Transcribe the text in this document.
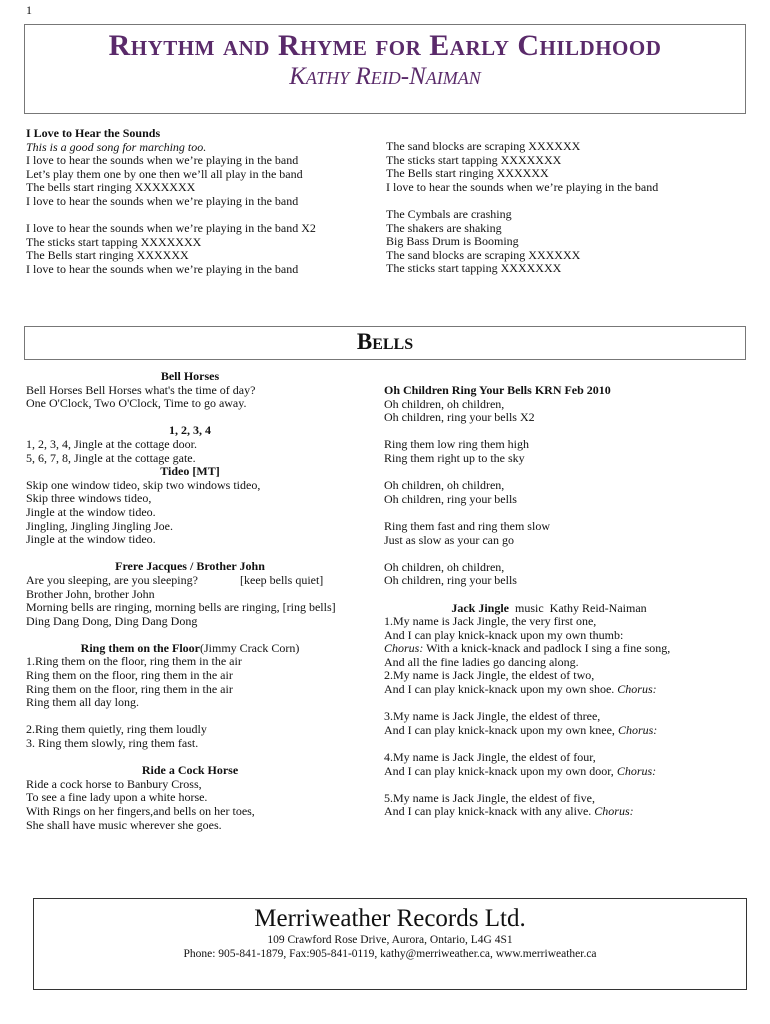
1
Rhythm and Rhyme for Early Childhood
Kathy Reid-Naiman
I Love to Hear the Sounds
This is a good song for marching too.
I love to hear the sounds when we’re playing in the band
Let’s play them one by one then we’ll all play in the band
The bells start ringing XXXXXXX
I love to hear the sounds when we’re playing in the band
I love to hear the sounds when we’re playing in the band X2
The sticks start tapping XXXXXXX
The Bells start ringing XXXXXX
I love to hear the sounds when we’re playing in the band
The sand blocks are scraping XXXXXX
The sticks start tapping XXXXXXX
The Bells start ringing XXXXXX
I love to hear the sounds when we’re playing in the band
The Cymbals are crashing
The shakers are shaking
Big Bass Drum is Booming
The sand blocks are scraping XXXXXX
The sticks start tapping XXXXXXX
Bells
Bell Horses
Bell Horses Bell Horses what's the time of day?
One O'Clock, Two O'Clock, Time to go away.
1, 2, 3, 4
1, 2, 3, 4, Jingle at the cottage door.
5, 6, 7, 8, Jingle at the cottage gate.
Tideo [MT]
Skip one window tideo, skip two windows tideo,
Skip three windows tideo,
Jingle at the window tideo.
Jingling, Jingling Jingling Joe.
Jingle at the window tideo.
Frere Jacques / Brother John
Are you sleeping, are you sleeping?	[keep bells quiet]
Brother John, brother John
Morning bells are ringing, morning bells are ringing, [ring bells]
Ding Dang Dong, Ding Dang Dong
Ring them on the Floor(Jimmy Crack Corn)
1.Ring them on the floor, ring them in the air
Ring them on the floor, ring them in the air
Ring them on the floor, ring them in the air
Ring them all day long.
2.Ring them quietly, ring them loudly
3. Ring them slowly, ring them fast.
Ride a Cock Horse
Ride a cock horse to Banbury Cross,
To see a fine lady upon a white horse.
With Rings on her fingers,and bells on her toes,
She shall have music wherever she goes.
Oh Children Ring Your Bells KRN Feb 2010
Oh children, oh children,
Oh children, ring your bells X2
Ring them low ring them high
Ring them right up to the sky
Oh children, oh children,
Oh children, ring your bells
Ring them fast and ring them slow
Just as slow as your can go
Oh children, oh children,
Oh children, ring your bells
Jack Jingle  music  Kathy Reid-Naiman
1.My name is Jack Jingle, the very first one,
And I can play knick-knack upon my own thumb:
Chorus: With a knick-knack and padlock I sing a fine song,
And all the fine ladies go dancing along.
2.My name is Jack Jingle, the eldest of two,
And I can play knick-knack upon my own shoe. Chorus:
3.My name is Jack Jingle, the eldest of three,
And I can play knick-knack upon my own knee, Chorus:
4.My name is Jack Jingle, the eldest of four,
And I can play knick-knack upon my own door, Chorus:
5.My name is Jack Jingle, the eldest of five,
And I can play knick-knack with any alive. Chorus:
Merriweather Records Ltd.
109 Crawford Rose Drive, Aurora, Ontario, L4G 4S1
Phone: 905-841-1879, Fax:905-841-0119, kathy@merriweather.ca, www.merriweather.ca
